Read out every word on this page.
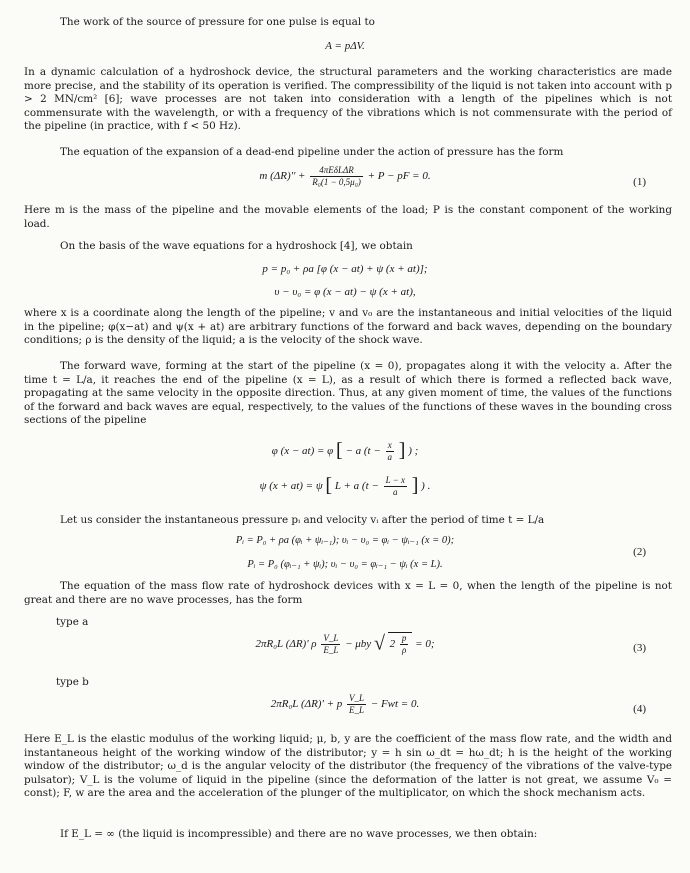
The work of the source of pressure for one pulse is equal to

A = pΔV.

In a dynamic calculation of a hydroshock device, the structural parameters and the working characteristics are made more precise, and the stability of its operation is verified. The compressibility of the liquid is not taken into account with p > 2 MN/cm² [6]; wave processes are not taken into consideration with a length of the pipelines which is not commensurate with the wavelength, or with a frequency of the vibrations which is not commensurate with the period of the pipeline (in practice, with f < 50 Hz).

The equation of the expansion of a dead-end pipeline under the action of pressure has the form

m $(\Delta R)'' + \frac{\text{4πEδLΔR}}{\text{R₀(1 − 0,5μ₀)}} + P$ − pF = 0.	(1)

Here m is the mass of the pipeline and the movable elements of the load; P is the constant component of the working load.

On the basis of the wave equations for a hydroshock [4], we obtain

p = p₀ + ρa [φ (x − at) + ψ (x + at)];

υ − υ₀ = φ (x − at) − ψ (x + at),

where x is a coordinate along the length of the pipeline; v and v₀ are the instantaneous and initial velocities of the liquid in the pipeline; φ(x−at) and ψ(x + at) are arbitrary functions of the forward and back waves, depending on the boundary conditions; ρ is the density of the liquid; a is the velocity of the shock wave.

The forward wave, forming at the start of the pipeline (x = 0), propagates along it with the velocity a. After the time t = L/a, it reaches the end of the pipeline (x = L), as a result of which there is formed a reflected back wave, propagating at the same velocity in the opposite direction. Thus, at any given moment of time, the values of the functions of the forward and back waves are equal, respectively, to the values of the functions of these waves in the bounding cross sections of the pipeline

φ (x − at) = φ [ − a ($t - \frac{x}{a}$ ] ) ;
ψ (x + at) = ψ [ L + a ($t - \frac{L - x}{a}$ ] ) .

Let us consider the instantaneous pressure pᵢ and velocity vᵢ after the period of time t = L/a

Pᵢ = P₀ + ρa (φᵢ + ψᵢ₋₁); υᵢ − υ₀ = φᵢ − ψᵢ₋₁ (x = 0);

Pᵢ = P₀ (φᵢ₋₁ + ψᵢ); υᵢ − υ₀ = φᵢ₋₁ − ψᵢ (x = L).

(2)

The equation of the mass flow rate of hydroshock devices with x = L = 0, when the length of the pipeline is not great and there are no wave processes, has the form

type a

2πR₀L (ΔR)' ρ $\frac{V\_L}{E\_L} - \mu by$ √ $2 \frac{p}{\rho} = 0$;	(3)

type b

2πR₀L (ΔR)' + p $\frac{V\_L}{E\_L}$ − Fwt = 0.	(4)

Here E_L is the elastic modulus of the working liquid; μ, b, y are the coefficient of the mass flow rate, and the width and instantaneous height of the working window of the distributor; y = h sin ω_dt = hω_dt; h is the height of the working window of the distributor; ω_d is the angular velocity of the distributor (the frequency of the vibrations of the valve-type pulsator); V_L is the volume of liquid in the pipeline (since the deformation of the latter is not great, we assume V₀ = const); F, w are the area and the acceleration of the plunger of the multiplicator, on which the shock mechanism acts.

If E_L = ∞ (the liquid is incompressible) and there are no wave processes, we then obtain:
